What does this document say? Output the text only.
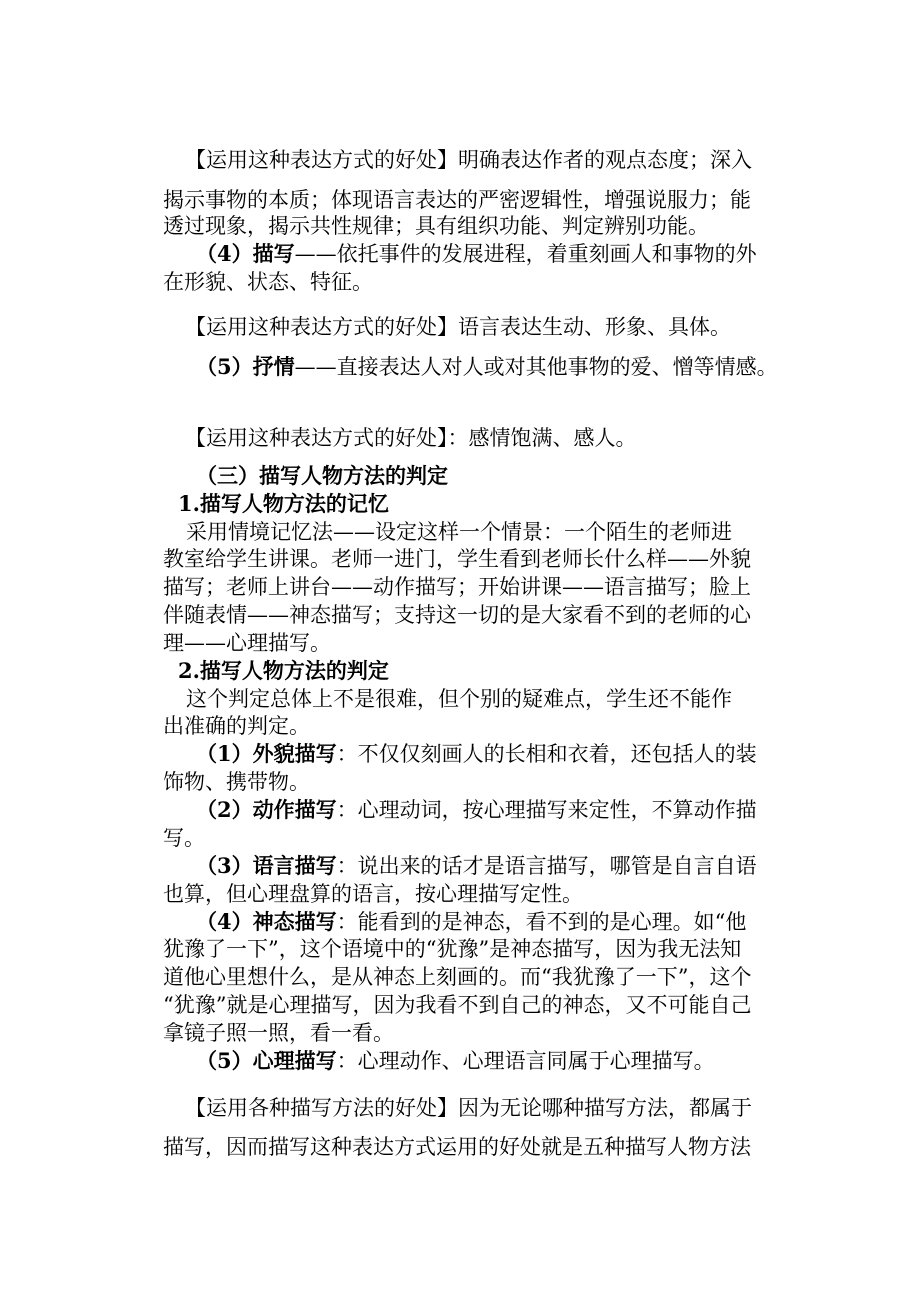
【运用这种表达方式的好处】明确表达作者的观点态度；深入
揭示事物的本质；体现语言表达的严密逻辑性，增强说服力；能
透过现象，揭示共性规律；具有组织功能、判定辨别功能。
（4）描写——依托事件的发展进程，着重刻画人和事物的外
在形貌、状态、特征。
【运用这种表达方式的好处】语言表达生动、形象、具体。
（5）抒情——直接表达人对人或对其他事物的爱、憎等情感。
【运用这种表达方式的好处】：感情饱满、感人。
（三）描写人物方法的判定
1.描写人物方法的记忆
采用情境记忆法——设定这样一个情景：一个陌生的老师进
教室给学生讲课。老师一进门，学生看到老师长什么样——外貌
描写；老师上讲台——动作描写；开始讲课——语言描写；脸上
伴随表情——神态描写；支持这一切的是大家看不到的老师的心
理——心理描写。
2.描写人物方法的判定
这个判定总体上不是很难，但个别的疑难点，学生还不能作
出准确的判定。
（1）外貌描写：不仅仅刻画人的长相和衣着，还包括人的装
饰物、携带物。
（2）动作描写：心理动词，按心理描写来定性，不算动作描
写。
（3）语言描写：说出来的话才是语言描写，哪管是自言自语
也算，但心理盘算的语言，按心理描写定性。
（4）神态描写：能看到的是神态，看不到的是心理。如“他
犹豫了一下”，这个语境中的“犹豫”是神态描写，因为我无法知
道他心里想什么，是从神态上刻画的。而“我犹豫了一下”，这个
“犹豫”就是心理描写，因为我看不到自己的神态，又不可能自己
拿镜子照一照，看一看。
（5）心理描写：心理动作、心理语言同属于心理描写。
【运用各种描写方法的好处】因为无论哪种描写方法，都属于
描写，因而描写这种表达方式运用的好处就是五种描写人物方法
